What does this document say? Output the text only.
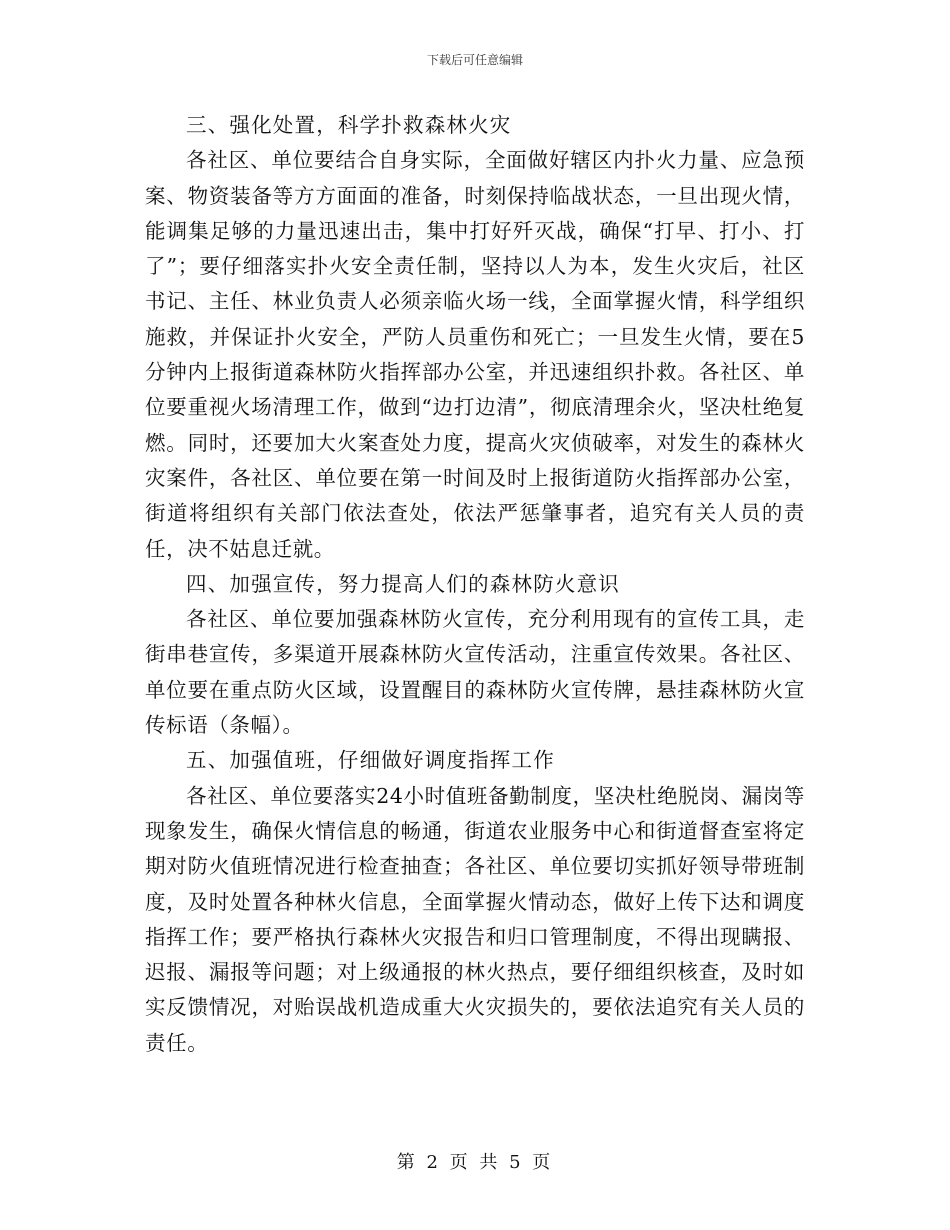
下载后可任意编辑

三、强化处置，科学扑救森林火灾

各社区、单位要结合自身实际，全面做好辖区内扑火力量、应急预案、物资装备等方方面面的准备，时刻保持临战状态，一旦出现火情，能调集足够的力量迅速出击，集中打好歼灭战，确保“打早、打小、打了”；要仔细落实扑火安全责任制，坚持以人为本，发生火灾后，社区书记、主任、林业负责人必须亲临火场一线，全面掌握火情，科学组织施救，并保证扑火安全，严防人员重伤和死亡；一旦发生火情，要在5分钟内上报街道森林防火指挥部办公室，并迅速组织扑救。各社区、单位要重视火场清理工作，做到“边打边清”，彻底清理余火，坚决杜绝复燃。同时，还要加大火案查处力度，提高火灾侦破率，对发生的森林火灾案件，各社区、单位要在第一时间及时上报街道防火指挥部办公室，街道将组织有关部门依法查处，依法严惩肇事者，追究有关人员的责任，决不姑息迁就。

四、加强宣传，努力提高人们的森林防火意识

各社区、单位要加强森林防火宣传，充分利用现有的宣传工具，走街串巷宣传，多渠道开展森林防火宣传活动，注重宣传效果。各社区、单位要在重点防火区域，设置醒目的森林防火宣传牌，悬挂森林防火宣传标语（条幅）。

五、加强值班，仔细做好调度指挥工作

各社区、单位要落实24小时值班备勤制度，坚决杜绝脱岗、漏岗等现象发生，确保火情信息的畅通，街道农业服务中心和街道督查室将定期对防火值班情况进行检查抽查；各社区、单位要切实抓好领导带班制度，及时处置各种林火信息，全面掌握火情动态，做好上传下达和调度指挥工作；要严格执行森林火灾报告和归口管理制度，不得出现瞒报、迟报、漏报等问题；对上级通报的林火热点，要仔细组织核查，及时如实反馈情况，对贻误战机造成重大火灾损失的，要依法追究有关人员的责任。

第 2 页 共 5 页
